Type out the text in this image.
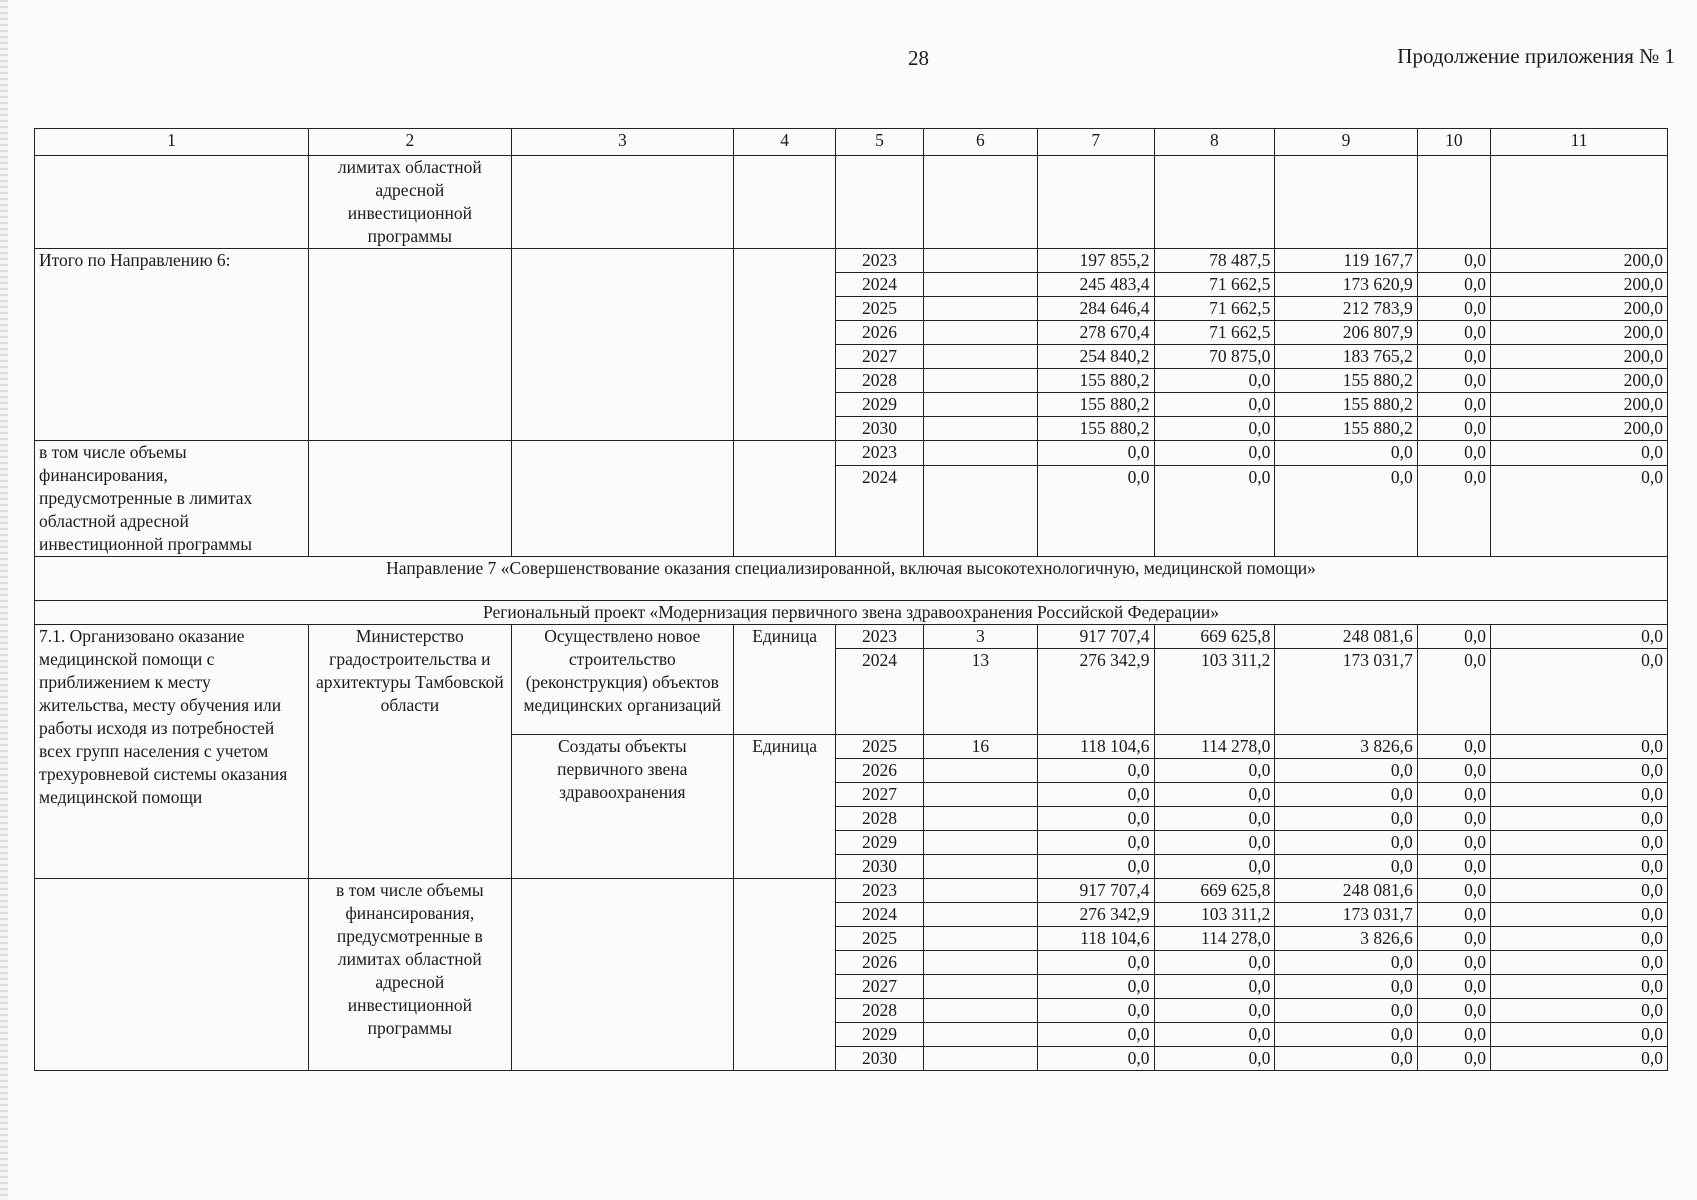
28	Продолжение приложения № 1
1	2	3	4	5	6	7	8	9	10	11
	лимитах областной адресной инвестиционной программы									
Итого по Направлению 6:				2023		197 855,2	78 487,5	119 167,7	0,0	200,0
				2024		245 483,4	71 662,5	173 620,9	0,0	200,0
				2025		284 646,4	71 662,5	212 783,9	0,0	200,0
				2026		278 670,4	71 662,5	206 807,9	0,0	200,0
				2027		254 840,2	70 875,0	183 765,2	0,0	200,0
				2028		155 880,2	0,0	155 880,2	0,0	200,0
				2029		155 880,2	0,0	155 880,2	0,0	200,0
				2030		155 880,2	0,0	155 880,2	0,0	200,0
в том числе объемы финансирования, предусмотренные в лимитах областной адресной инвестиционной программы				2023		0,0	0,0	0,0	0,0	0,0
				2024		0,0	0,0	0,0	0,0	0,0
Направление 7 «Совершенствование оказания специализированной, включая высокотехнологичную, медицинской помощи»										
Региональный проект «Модернизация первичного звена здравоохранения Российской Федерации»										
7.1. Организовано оказание медицинской помощи с приближением к месту жительства, месту обучения или работы исходя из потребностей всех групп населения с учетом трехуровневой системы оказания медицинской помощи	Министерство градостроительства и архитектуры Тамбовской области	Осуществлено новое строительство (реконструкция) объектов медицинских организаций	Единица	2023	3	917 707,4	669 625,8	248 081,6	0,0	0,0
				2024	13	276 342,9	103 311,2	173 031,7	0,0	0,0
		Создаты объекты первичного звена здравоохранения	Единица	2025	16	118 104,6	114 278,0	3 826,6	0,0	0,0
				2026		0,0	0,0	0,0	0,0	0,0
				2027		0,0	0,0	0,0	0,0	0,0
				2028		0,0	0,0	0,0	0,0	0,0
				2029		0,0	0,0	0,0	0,0	0,0
				2030		0,0	0,0	0,0	0,0	0,0
	в том числе объемы финансирования, предусмотренные в лимитах областной адресной инвестиционной программы			2023		917 707,4	669 625,8	248 081,6	0,0	0,0
				2024		276 342,9	103 311,2	173 031,7	0,0	0,0
				2025		118 104,6	114 278,0	3 826,6	0,0	0,0
				2026		0,0	0,0	0,0	0,0	0,0
				2027		0,0	0,0	0,0	0,0	0,0
				2028		0,0	0,0	0,0	0,0	0,0
				2029		0,0	0,0	0,0	0,0	0,0
				2030		0,0	0,0	0,0	0,0	0,0
